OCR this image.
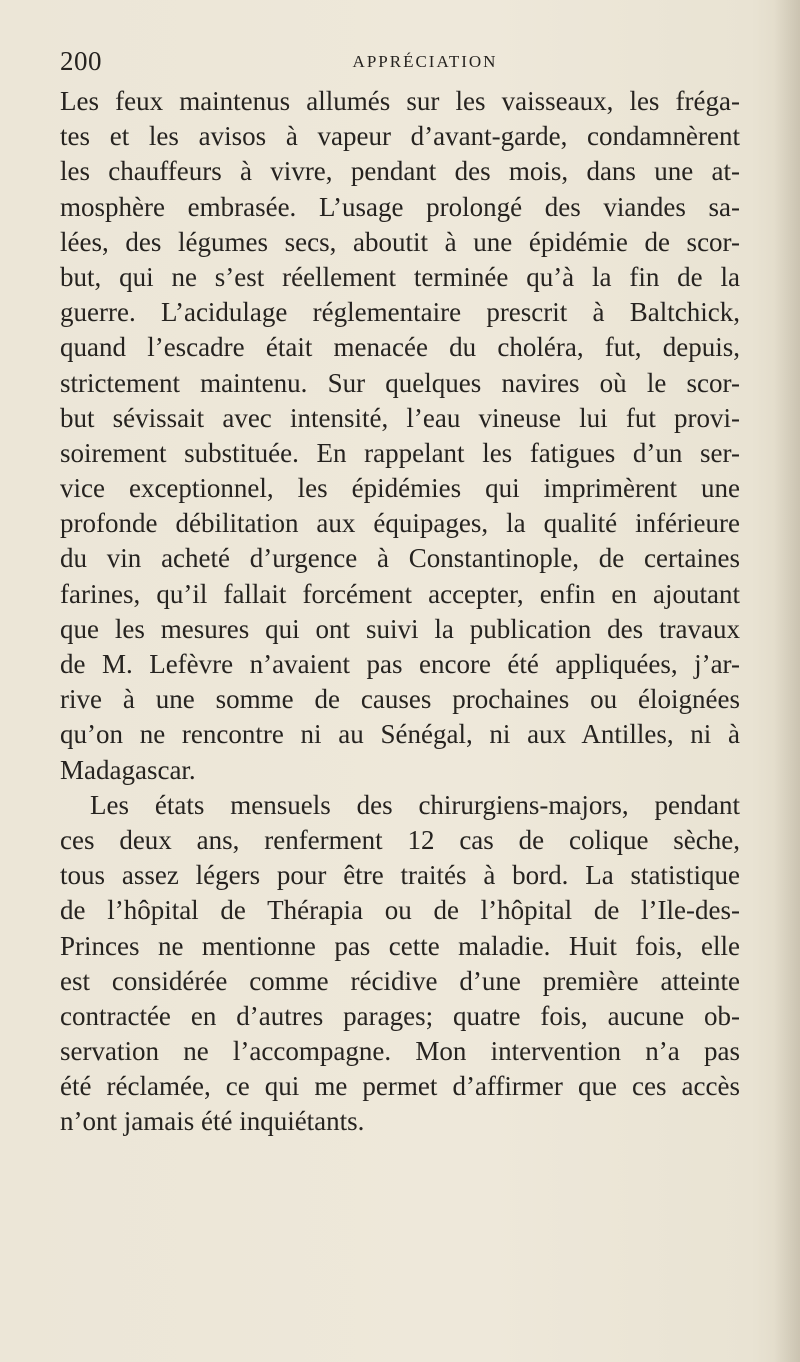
200	APPRÉCIATION
Les feux maintenus allumés sur les vaisseaux, les fréga-
tes et les avisos à vapeur d’avant-garde, condamnèrent
les chauffeurs à vivre, pendant des mois, dans une at-
mosphère embrasée. L’usage prolongé des viandes sa-
lées, des légumes secs, aboutit à une épidémie de scor-
but, qui ne s’est réellement terminée qu’à la fin de la
guerre. L’acidulage réglementaire prescrit à Baltchick,
quand l’escadre était menacée du choléra, fut, depuis,
strictement maintenu. Sur quelques navires où le scor-
but sévissait avec intensité, l’eau vineuse lui fut provi-
soirement substituée. En rappelant les fatigues d’un ser-
vice exceptionnel, les épidémies qui imprimèrent une
profonde débilitation aux équipages, la qualité inférieure
du vin acheté d’urgence à Constantinople, de certaines
farines, qu’il fallait forcément accepter, enfin en ajoutant
que les mesures qui ont suivi la publication des travaux
de M. Lefèvre n’avaient pas encore été appliquées, j’ar-
rive à une somme de causes prochaines ou éloignées
qu’on ne rencontre ni au Sénégal, ni aux Antilles, ni à
Madagascar.
Les états mensuels des chirurgiens-majors, pendant
ces deux ans, renferment 12 cas de colique sèche,
tous assez légers pour être traités à bord. La statistique
de l’hôpital de Thérapia ou de l’hôpital de l’Ile-des-
Princes ne mentionne pas cette maladie. Huit fois, elle
est considérée comme récidive d’une première atteinte
contractée en d’autres parages; quatre fois, aucune ob-
servation ne l’accompagne. Mon intervention n’a pas
été réclamée, ce qui me permet d’affirmer que ces accès
n’ont jamais été inquiétants.
